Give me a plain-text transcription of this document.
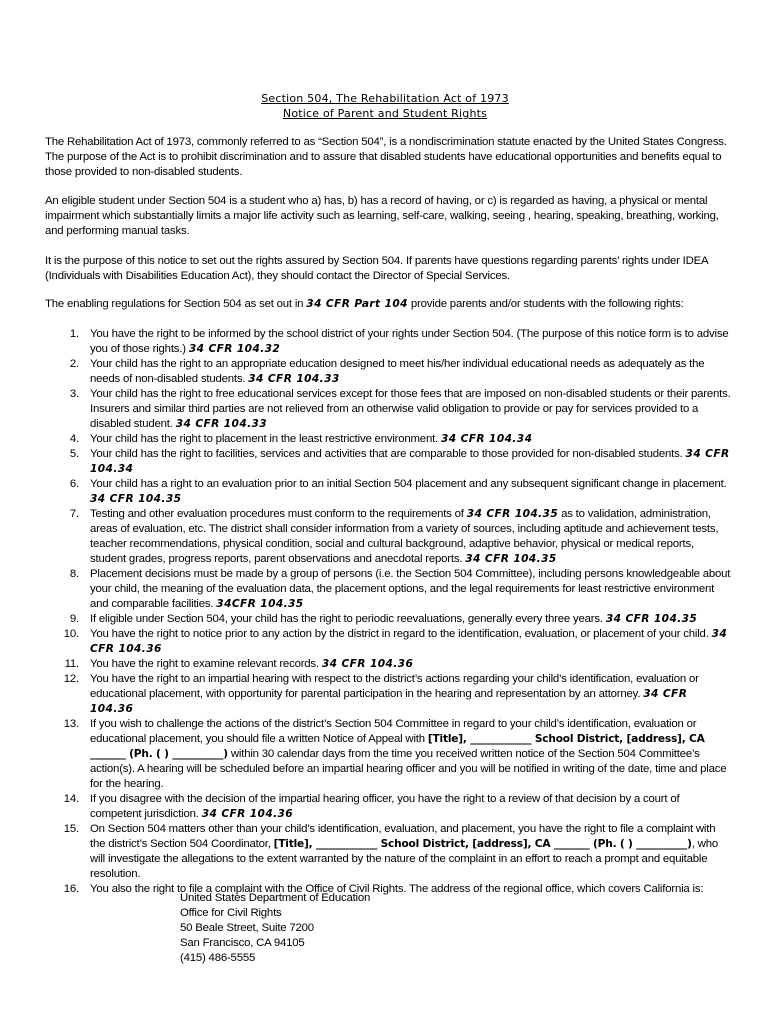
Section 504, The Rehabilitation Act of 1973
Notice of Parent and Student Rights
The Rehabilitation Act of 1973, commonly referred to as “Section 504”, is a nondiscrimination statute enacted by the United States Congress. The purpose of the Act is to prohibit discrimination and to assure that disabled students have educational opportunities and benefits equal to those provided to non-disabled students.
An eligible student under Section 504 is a student who a) has, b) has a record of having, or c) is regarded as having, a physical or mental impairment which substantially limits a major life activity such as learning, self-care, walking, seeing , hearing, speaking, breathing, working, and performing manual tasks.
It is the purpose of this notice to set out the rights assured by Section 504. If parents have questions regarding parents’ rights under IDEA (Individuals with Disabilities Education Act), they should contact the Director of Special Services.
The enabling regulations for Section 504 as set out in 34 CFR Part 104 provide parents and/or students with the following rights:
1. You have the right to be informed by the school district of your rights under Section 504. (The purpose of this notice form is to advise you of those rights.) 34 CFR 104.32
2. Your child has the right to an appropriate education designed to meet his/her individual educational needs as adequately as the needs of non-disabled students. 34 CFR 104.33
3. Your child has the right to free educational services except for those fees that are imposed on non-disabled students or their parents. Insurers and similar third parties are not relieved from an otherwise valid obligation to provide or pay for services provided to a disabled student. 34 CFR 104.33
4. Your child has the right to placement in the least restrictive environment. 34 CFR 104.34
5. Your child has the right to facilities, services and activities that are comparable to those provided for non-disabled students. 34 CFR 104.34
6. Your child has a right to an evaluation prior to an initial Section 504 placement and any subsequent significant change in placement. 34 CFR 104.35
7. Testing and other evaluation procedures must conform to the requirements of 34 CFR 104.35 as to validation, administration, areas of evaluation, etc. The district shall consider information from a variety of sources, including aptitude and achievement tests, teacher recommendations, physical condition, social and cultural background, adaptive behavior, physical or medical reports, student grades, progress reports, parent observations and anecdotal reports. 34 CFR 104.35
8. Placement decisions must be made by a group of persons (i.e. the Section 504 Committee), including persons knowledgeable about your child, the meaning of the evaluation data, the placement options, and the legal requirements for least restrictive environment and comparable facilities. 34CFR 104.35
9. If eligible under Section 504, your child has the right to periodic reevaluations, generally every three years. 34 CFR 104.35
10. You have the right to notice prior to any action by the district in regard to the identification, evaluation, or placement of your child. 34 CFR 104.36
11. You have the right to examine relevant records. 34 CFR 104.36
12. You have the right to an impartial hearing with respect to the district’s actions regarding your child’s identification, evaluation or educational placement, with opportunity for parental participation in the hearing and representation by an attorney. 34 CFR 104.36
13. If you wish to challenge the actions of the district’s Section 504 Committee in regard to your child’s identification, evaluation or educational placement, you should file a written Notice of Appeal with [Title], ____________ School District, [address], CA _______ (Ph. ( ) __________) within 30 calendar days from the time you received written notice of the Section 504 Committee’s action(s). A hearing will be scheduled before an impartial hearing officer and you will be notified in writing of the date, time and place for the hearing.
14. If you disagree with the decision of the impartial hearing officer, you have the right to a review of that decision by a court of competent jurisdiction. 34 CFR 104.36
15. On Section 504 matters other than your child’s identification, evaluation, and placement, you have the right to file a complaint with the district’s Section 504 Coordinator, [Title], ____________ School District, [address], CA _______ (Ph. ( ) __________), who will investigate the allegations to the extent warranted by the nature of the complaint in an effort to reach a prompt and equitable resolution.
16. You also the right to file a complaint with the Office of Civil Rights. The address of the regional office, which covers California is:
United States Department of Education
Office for Civil Rights
50 Beale Street, Suite 7200
San Francisco, CA 94105
(415) 486-5555
